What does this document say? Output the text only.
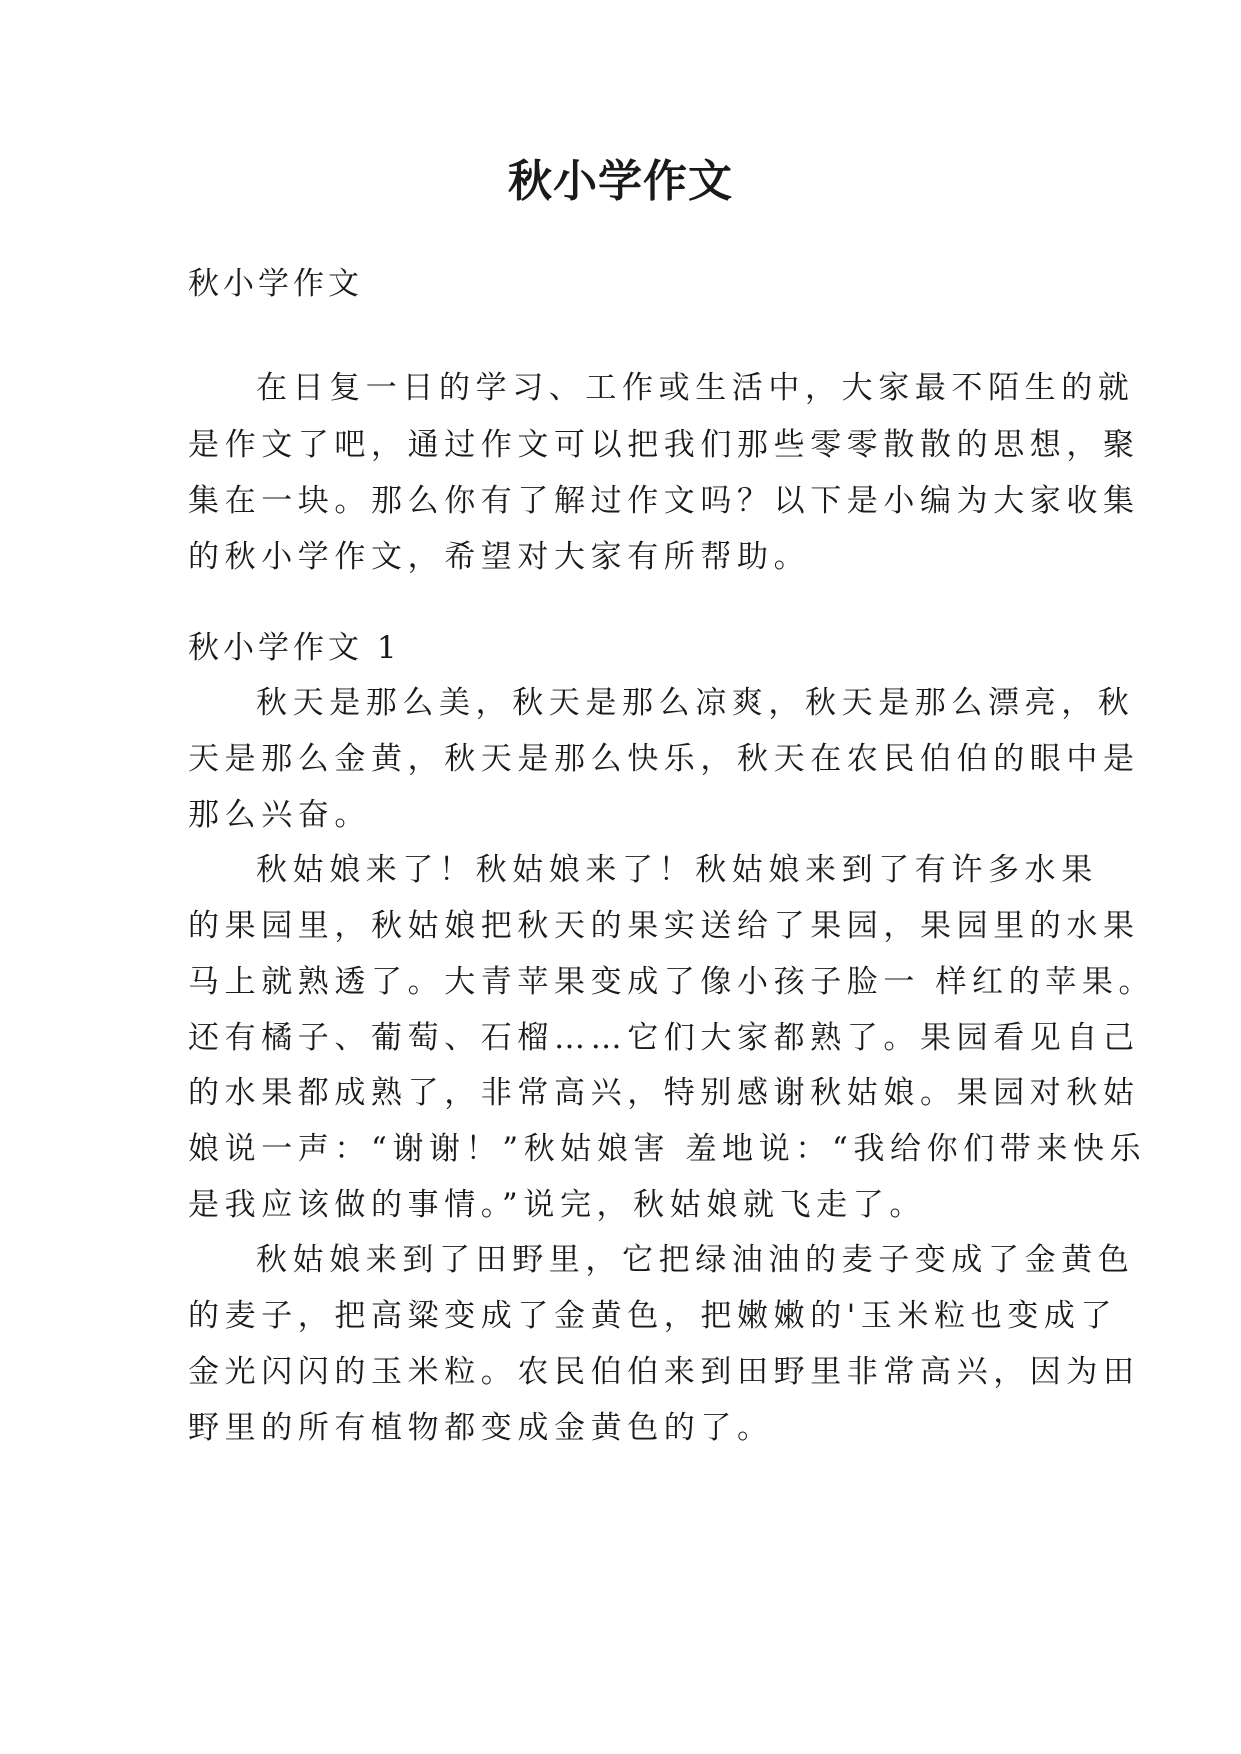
秋小学作文

秋小学作文

在日复一日的学习、工作或生活中，大家最不陌生的就

是作文了吧，通过作文可以把我们那些零零散散的思想，聚

集在一块。那么你有了解过作文吗？以下是小编为大家收集

的秋小学作文，希望对大家有所帮助。

秋小学作文 1

秋天是那么美，秋天是那么凉爽，秋天是那么漂亮，秋

天是那么金黄，秋天是那么快乐，秋天在农民伯伯的眼中是

那么兴奋。

秋姑娘来了！秋姑娘来了！秋姑娘来到了有许多水果

的果园里，秋姑娘把秋天的果实送给了果园，果园里的水果

马上就熟透了。大青苹果变成了像小孩子脸一 样红的苹果。

还有橘子、葡萄、石榴……它们大家都熟了。果园看见自己

的水果都成熟了，非常高兴，特别感谢秋姑娘。果园对秋姑

娘说一声：“谢谢！”秋姑娘害 羞地说：“我给你们带来快乐

是我应该做的事情。”说完，秋姑娘就飞走了。

秋姑娘来到了田野里，它把绿油油的麦子变成了金黄色

的麦子，把高粱变成了金黄色，把嫩嫩的'玉米粒也变成了

金光闪闪的玉米粒。农民伯伯来到田野里非常高兴，因为田

野里的所有植物都变成金黄色的了。
